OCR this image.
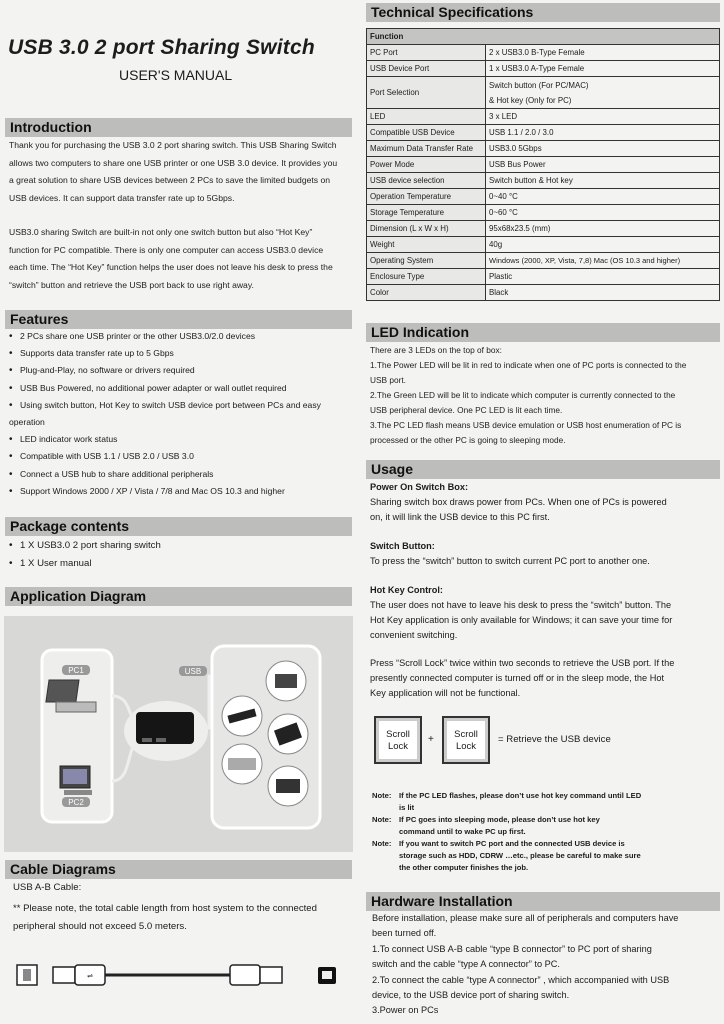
USB 3.0 2 port Sharing Switch
USER'S MANUAL
Introduction
Thank you for purchasing the USB 3.0 2 port sharing switch. This USB Sharing Switch
allows two computers to share one USB printer or one USB 3.0 device. It provides you
a great solution to share USB devices between 2 PCs to save the limited budgets on
USB devices. It can support data transfer rate up to 5Gbps.
USB3.0 sharing Switch are built-in not only one switch button but also “Hot Key”
function for PC compatible. There is only one computer can access USB3.0 device
each time. The “Hot Key” function helps the user does not leave his desk to press the
“switch” button and retrieve the USB port back to use right away.
Features
• 2 PCs share one USB printer or the other USB3.0/2.0 devices
• Supports data transfer rate up to 5 Gbps
• Plug-and-Play, no software or drivers required
• USB Bus Powered, no additional power adapter or wall outlet required
• Using switch button, Hot Key to switch USB device port between PCs and easy
operation
• LED indicator work status
• Compatible with USB 1.1 / USB 2.0 / USB 3.0
• Connect a USB hub to share additional peripherals
• Support Windows 2000 / XP / Vista / 7/8 and Mac OS 10.3 and higher
Package contents
• 1 X USB3.0 2 port sharing switch
• 1 X User manual
Application Diagram
PC1
PC2
USB
Cable Diagrams
USB A-B Cable:
** Please note, the total cable length from host system to the connected
peripheral should not exceed 5.0 meters.
⇌
Technical Specifications
Function	
PC Port	2 x USB3.0 B-Type Female
USB Device Port	1 x USB3.0 A-Type Female
Port Selection	Switch button (For PC/MAC)
& Hot key (Only for PC)

LED	3 x LED
Compatible USB Device	USB 1.1 / 2.0 / 3.0
Maximum Data Transfer Rate	USB3.0 5Gbps
Power Mode	USB Bus Power
USB device selection	Switch button & Hot key
Operation Temperature	0~40 °C
Storage Temperature	0~60 °C
Dimension (L x W x H)	95x68x23.5 (mm)
Weight	40g
Operating System	Windows (2000, XP, Vista, 7,8) Mac (OS 10.3 and higher)
Enclosure Type	Plastic
Color	Black
LED Indication
There are 3 LEDs on the top of box:
1.The Power LED will be lit in red to indicate when one of PC ports is connected to the
USB port.
2.The Green LED will be lit to indicate which computer is currently connected to the
USB peripheral device. One PC LED is lit each time.
3.The PC LED flash means USB device emulation or USB host enumeration of PC is
processed or the other PC is going to sleeping mode.
Usage
Power On Switch Box:
Sharing switch box draws power from PCs. When one of PCs is powered
on, it will link the USB device to this PC first.
Switch Button:
To press the “switch” button to switch current PC port to another one.
Hot Key Control:
The user does not have to leave his desk to press the “switch” button. The
Hot Key application is only available for Windows; it can save your time for
convenient switching.
Press “Scroll Lock” twice within two seconds to retrieve the USB port. If the
presently connected computer is turned off or in the sleep mode, the Hot
Key application will not be functional.
Scroll
Lock
+	Scroll
Lock
= Retrieve the USB device
Note: If the PC LED flashes, please don’t use hot key command until LED
is lit
Note: If PC goes into sleeping mode, please don’t use hot key
command until to wake PC up first.
Note: If you want to switch PC port and the connected USB device is
storage such as HDD, CDRW …etc., please be careful to make sure
the other computer finishes the job.
Hardware Installation
Before installation, please make sure all of peripherals and computers have
been turned off.
1.To connect USB A-B cable “type B connector” to PC port of sharing
switch and the cable “type A connector” to PC.
2.To connect the cable “type A connector” , which accompanied with USB
device, to the USB device port of sharing switch.
3.Power on PCs
